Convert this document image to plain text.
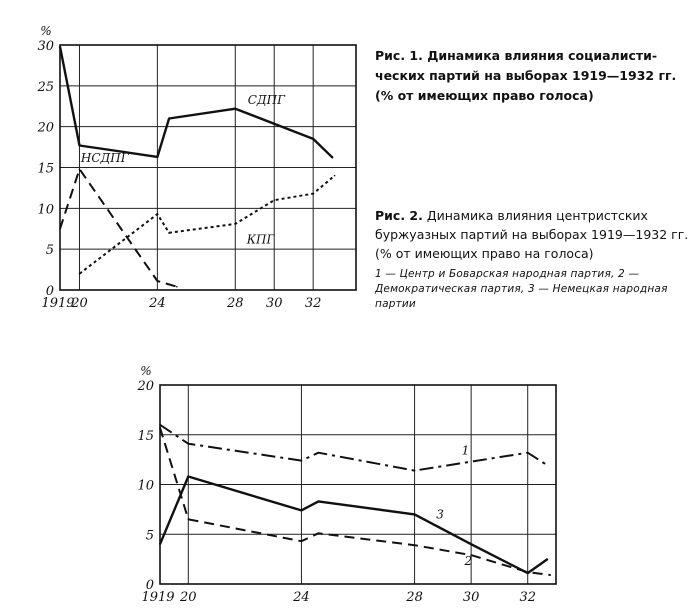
0
5
10
15
20
25
30
%
1919
20	24	28 30 32
СДПГ
НСДПГ
КПГ
0
5
10
15
20
%
1919 20	24	28	30	32
1
2
3
Рис. 1. Динамика влияния социалистических партий на выборах 1919—1932 гг. (% от имеющих право голоса)
Рис. 2. Динамика влияния центристских буржуазных партий на выборах 1919—1932 гг. (% от имеющих право на голоса)
1 — Центр и Боварская народная партия, 2 — Демократическая партия, 3 — Немецкая народная партии
